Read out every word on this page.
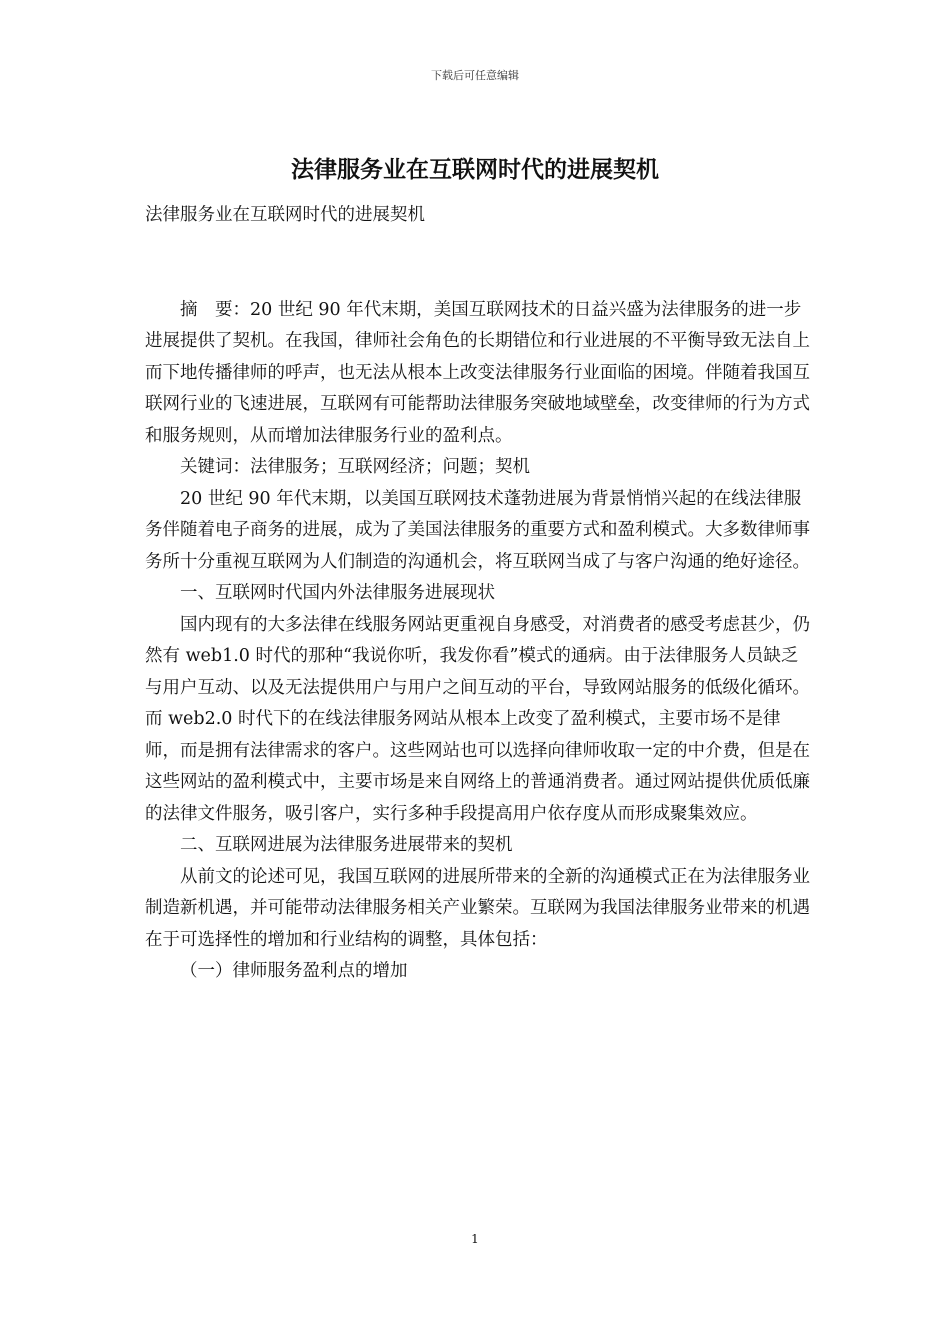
下载后可任意编辑
法律服务业在互联网时代的进展契机

法律服务业在互联网时代的进展契机

摘　要：20 世纪 90 年代末期，美国互联网技术的日益兴盛为法律服务的进一步进展提供了契机。在我国，律师社会角色的长期错位和行业进展的不平衡导致无法自上而下地传播律师的呼声，也无法从根本上改变法律服务行业面临的困境。伴随着我国互联网行业的飞速进展，互联网有可能帮助法律服务突破地域壁垒，改变律师的行为方式和服务规则，从而增加法律服务行业的盈利点。

关键词：法律服务；互联网经济；问题；契机

20 世纪 90 年代末期，以美国互联网技术蓬勃进展为背景悄悄兴起的在线法律服务伴随着电子商务的进展，成为了美国法律服务的重要方式和盈利模式。大多数律师事务所十分重视互联网为人们制造的沟通机会，将互联网当成了与客户沟通的绝好途径。

一、互联网时代国内外法律服务进展现状

国内现有的大多法律在线服务网站更重视自身感受，对消费者的感受考虑甚少，仍然有 web1.0 时代的那种“我说你听，我发你看”模式的通病。由于法律服务人员缺乏与用户互动、以及无法提供用户与用户之间互动的平台，导致网站服务的低级化循环。而 web2.0 时代下的在线法律服务网站从根本上改变了盈利模式，主要市场不是律师，而是拥有法律需求的客户。这些网站也可以选择向律师收取一定的中介费，但是在这些网站的盈利模式中，主要市场是来自网络上的普通消费者。通过网站提供优质低廉的法律文件服务，吸引客户，实行多种手段提高用户依存度从而形成聚集效应。

二、互联网进展为法律服务进展带来的契机

从前文的论述可见，我国互联网的进展所带来的全新的沟通模式正在为法律服务业制造新机遇，并可能带动法律服务相关产业繁荣。互联网为我国法律服务业带来的机遇在于可选择性的增加和行业结构的调整，具体包括：

（一）律师服务盈利点的增加

1
